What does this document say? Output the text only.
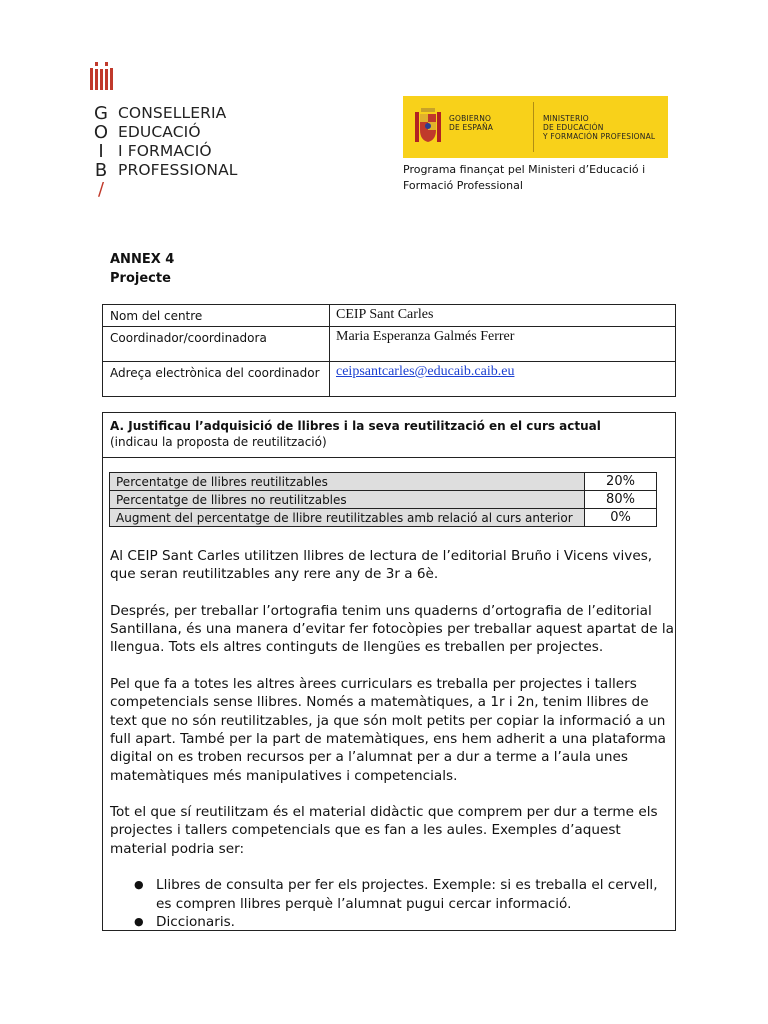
G
O
I
B
/
CONSELLERIA
EDUCACIÓ
I FORMACIÓ
PROFESSIONAL
GOBIERNO
DE ESPAÑA
MINISTERIO
DE EDUCACIÓN
Y FORMACIÓN PROFESIONAL
Programa finançat pel Ministeri d’Educació i Formació Professional
ANNEX 4
Projecte
Nom del centre	CEIP Sant Carles
Coordinador/coordinadora	Maria Esperanza Galmés Ferrer
Adreça electrònica del coordinador	ceipsantcarles@educaib.caib.eu
A. Justificau l’adquisició de llibres i la seva reutilització en el curs actual
(indicau la proposta de reutilització)
Percentatge de llibres reutilitzables	20%
Percentatge de llibres no reutilitzables	80%
Augment del percentatge de llibre reutilitzables amb relació al curs anterior	0%

Al CEIP Sant Carles utilitzen llibres de lectura de l’editorial Bruño i Vicens vives, que seran reutilitzables any rere any de 3r a 6è.

Després, per treballar l’ortografia tenim uns quaderns d’ortografia de l’editorial Santillana, és una manera d’evitar fer fotocòpies per treballar aquest apartat de la llengua. Tots els altres continguts de llengües es treballen per projectes.

Pel que fa a totes les altres àrees curriculars es treballa per projectes i tallers competencials sense llibres. Només a matemàtiques, a 1r i 2n, tenim llibres de text que no són reutilitzables, ja que són molt petits per copiar la informació a un full apart. També per la part de matemàtiques, ens hem adherit a una plataforma digital on es troben recursos per a l’alumnat per a dur a terme a l’aula unes matemàtiques més manipulatives i competencials.

Tot el que sí reutilitzam és el material didàctic que comprem per dur a terme els projectes i tallers competencials que es fan a les aules. Exemples d’aquest material podria ser:

● Llibres de consulta per fer els projectes. Exemple: si es treballa el cervell, es compren llibres perquè l’alumnat pugui cercar informació.
● Diccionaris.
